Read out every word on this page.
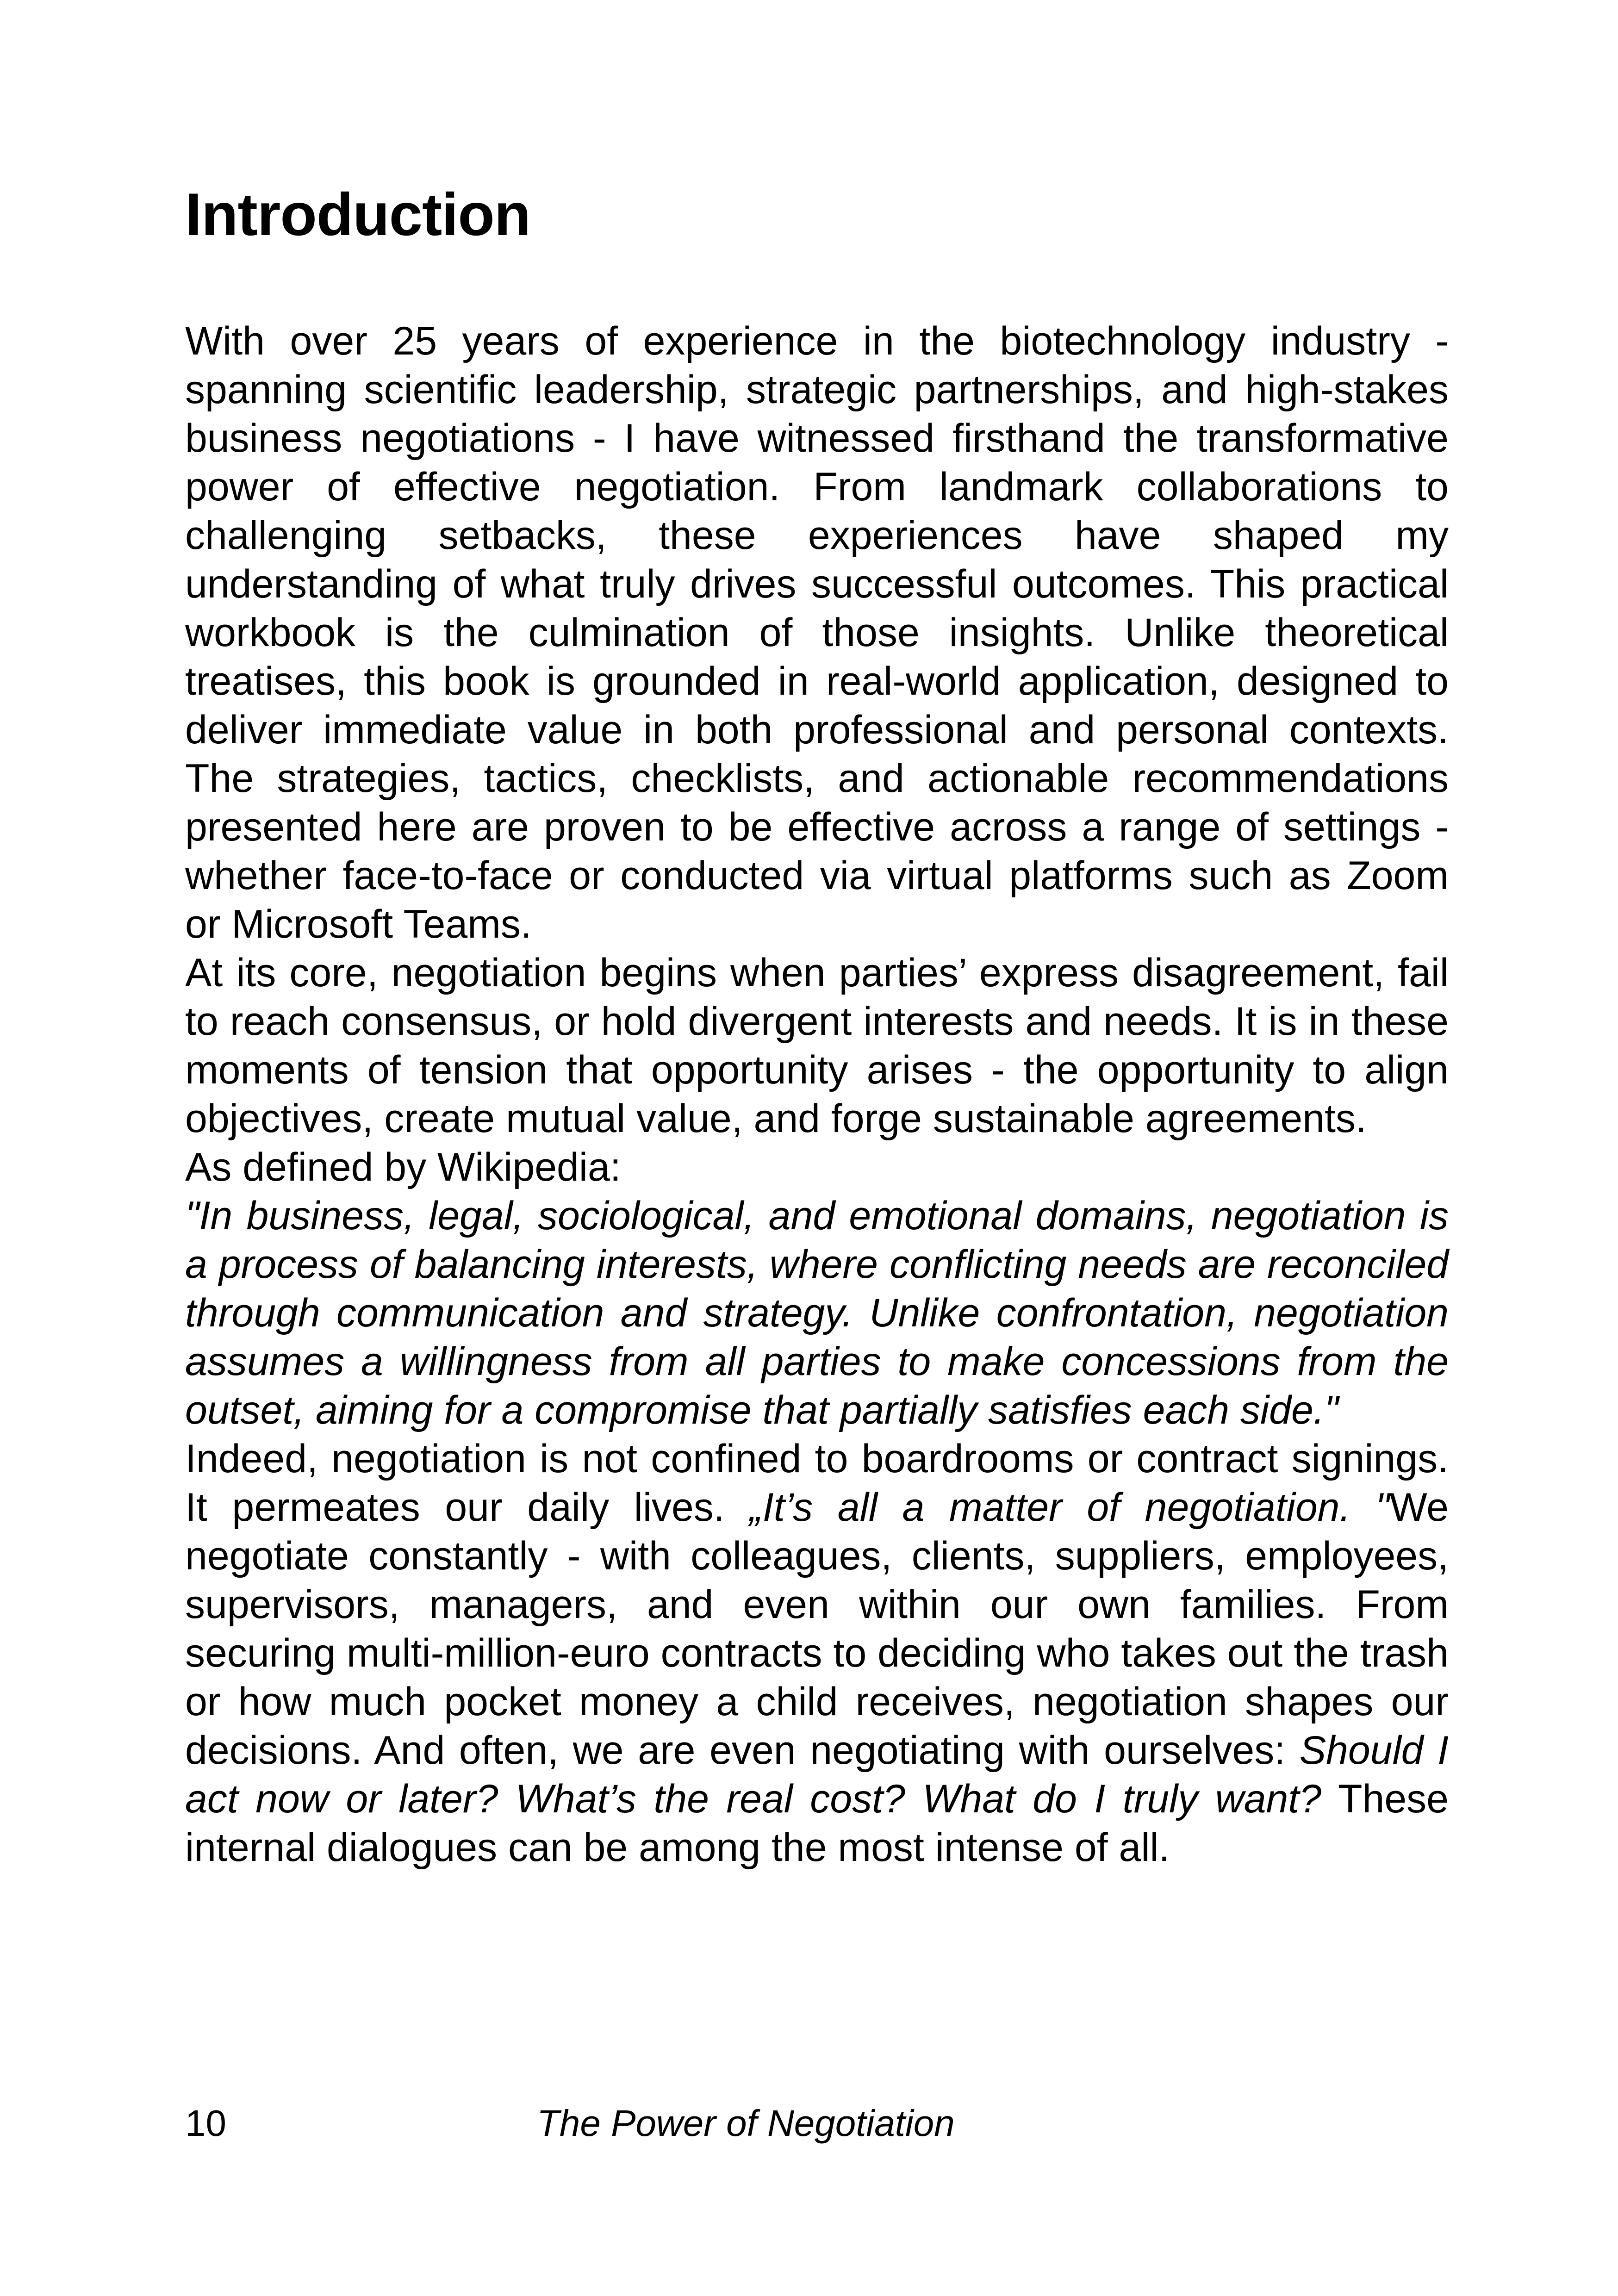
Introduction

With over 25 years of experience in the biotechnology industry - spanning scientific leadership, strategic partnerships, and high-stakes business negotiations - I have witnessed firsthand the transformative power of effective negotiation. From landmark collaborations to challenging setbacks, these experiences have shaped my understanding of what truly drives successful outcomes. This practical workbook is the culmination of those insights. Unlike theoretical treatises, this book is grounded in real-world application, designed to deliver immediate value in both professional and personal contexts. The strategies, tactics, checklists, and actionable recommendations presented here are proven to be effective across a range of settings - whether face-to-face or conducted via virtual platforms such as Zoom or Microsoft Teams.

At its core, negotiation begins when parties’ express disagreement, fail to reach consensus, or hold divergent interests and needs. It is in these moments of tension that opportunity arises - the opportunity to align objectives, create mutual value, and forge sustainable agreements.

As defined by Wikipedia:

"In business, legal, sociological, and emotional domains, negotiation is a process of balancing interests, where conflicting needs are reconciled through communication and strategy. Unlike confrontation, negotiation assumes a willingness from all parties to make concessions from the outset, aiming for a compromise that partially satisfies each side."

Indeed, negotiation is not confined to boardrooms or contract signings. It permeates our daily lives. „It’s all a matter of negotiation. "We negotiate constantly - with colleagues, clients, suppliers, employees, supervisors, managers, and even within our own families. From securing multi-million-euro contracts to deciding who takes out the trash or how much pocket money a child receives, negotiation shapes our decisions. And often, we are even negotiating with ourselves: Should I act now or later? What’s the real cost? What do I truly want? These internal dialogues can be among the most intense of all.

10	The Power of Negotiation
